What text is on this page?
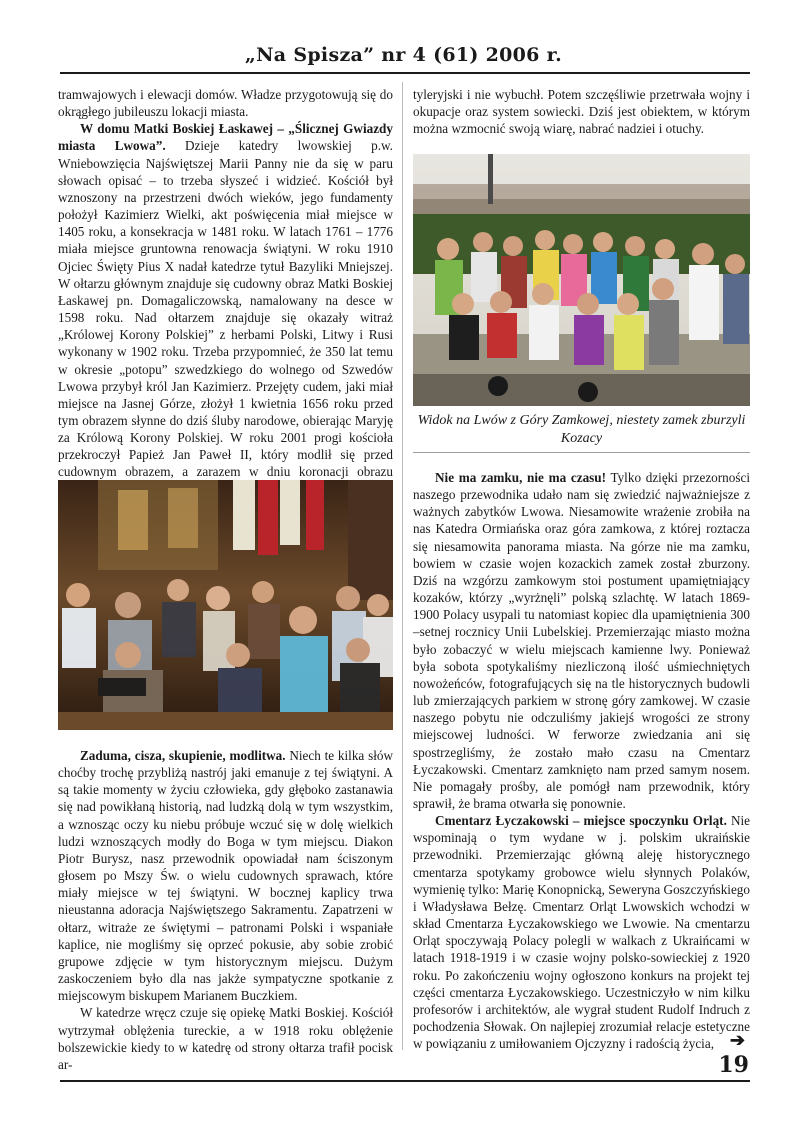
„Na Spisza” nr 4 (61) 2006 r.

tramwajowych i elewacji domów. Władze przygotowują się do okrągłego jubileuszu lokacji miasta.

W domu Matki Boskiej Łaskawej – „Ślicznej Gwiazdy miasta Lwowa”. Dzieje katedry lwowskiej p.w. Wniebowzięcia Najświętszej Marii Panny nie da się w paru słowach opisać – to trzeba słyszeć i widzieć. Kościół był wznoszony na przestrzeni dwóch wieków, jego fundamenty położył Kazimierz Wielki, akt poświęcenia miał miejsce w 1405 roku, a konsekracja w 1481 roku. W latach 1761 – 1776 miała miejsce gruntowna renowacja świątyni. W roku 1910 Ojciec Święty Pius X nadał katedrze tytuł Bazyliki Mniejszej. W ołtarzu głównym znajduje się cudowny obraz Matki Boskiej Łaskawej pn. Domagaliczowską, namalowany na desce w 1598 roku. Nad ołtarzem znajduje się okazały witraż „Królowej Korony Polskiej” z herbami Polski, Litwy i Rusi wykonany w 1902 roku. Trzeba przypomnieć, że 350 lat temu w okresie „potopu” szwedzkiego do wolnego od Szwedów Lwowa przybył król Jan Kazimierz. Przejęty cudem, jaki miał miejsce na Jasnej Górze, złożył 1 kwietnia 1656 roku przed tym obrazem słynne do dziś śluby narodowe, obierając Maryję za Królową Korony Polskiej. W roku 2001 progi kościoła przekroczył Papież Jan Paweł II, który modlił się przed cudownym obrazem, a zarazem w dniu koronacji obrazu

Zaduma, cisza, skupienie, modlitwa. Niech te kilka słów choćby trochę przybliżą nastrój jaki emanuje z tej świątyni. A są takie momenty w życiu człowieka, gdy głęboko zastanawia się nad powikłaną historią, nad ludzką dolą w tym wszystkim, a wznosząc oczy ku niebu próbuje wczuć się w dolę wielkich ludzi wznoszących modły do Boga w tym miejscu. Diakon Piotr Burysz, nasz przewodnik opowiadał nam ściszonym głosem po Mszy Św. o wielu cudownych sprawach, które miały miejsce w tej świątyni. W bocznej kaplicy trwa nieustanna adoracja Najświętszego Sakramentu. Zapatrzeni w ołtarz, witraże ze świętymi – patronami Polski i wspaniałe kaplice, nie mogliśmy się oprzeć pokusie, aby sobie zrobić grupowe zdjęcie w tym historycznym miejscu. Dużym zaskoczeniem było dla nas jakże sympatyczne spotkanie z miejscowym biskupem Marianem Buczkiem.

W katedrze wręcz czuje się opiekę Matki Boskiej. Kościół wytrzymał oblężenia tureckie, a w 1918 roku oblężenie bolszewickie kiedy to w katedrę od strony ołtarza trafił pocisk ar-

tyleryjski i nie wybuchł. Potem szczęśliwie przetrwała wojny i okupacje oraz system sowiecki. Dziś jest obiektem, w którym można wzmocnić swoją wiarę, nabrać nadziei i otuchy.

Widok na Lwów z Góry Zamkowej, niestety zamek zburzyli Kozacy

Nie ma zamku, nie ma czasu! Tylko dzięki przezorności naszego przewodnika udało nam się zwiedzić najważniejsze z ważnych zabytków Lwowa. Niesamowite wrażenie zrobiła na nas Katedra Ormiańska oraz góra zamkowa, z której roztacza się niesamowita panorama miasta. Na górze nie ma zamku, bowiem w czasie wojen kozackich zamek został zburzony. Dziś na wzgórzu zamkowym stoi postument upamiętniający kozaków, którzy „wyrżnęli” polską szlachtę. W latach 1869-1900 Polacy usypali tu natomiast kopiec dla upamiętnienia 300 –setnej rocznicy Unii Lubelskiej. Przemierzając miasto można było zobaczyć w wielu miejscach kamienne lwy. Ponieważ była sobota spotykaliśmy niezliczoną ilość uśmiechniętych nowożeńców, fotografujących się na tle historycznych budowli lub zmierzających parkiem w stronę góry zamkowej. W czasie naszego pobytu nie odczuliśmy jakiejś wrogości ze strony miejscowej ludności. W ferworze zwiedzania ani się spostrzegliśmy, że zostało mało czasu na Cmentarz Łyczakowski. Cmentarz zamknięto nam przed samym nosem. Nie pomagały prośby, ale pomógł nam przewodnik, który sprawił, że brama otwarła się ponownie.

Cmentarz Łyczakowski – miejsce spoczynku Orląt. Nie wspominają o tym wydane w j. polskim ukraińskie przewodniki. Przemierzając główną aleję historycznego cmentarza spotykamy grobowce wielu słynnych Polaków, wymienię tylko: Marię Konopnicką, Seweryna Goszczyńskiego i Władysława Bełzę. Cmentarz Orląt Lwowskich wchodzi w skład Cmentarza Łyczakowskiego we Lwowie. Na cmentarzu Orląt spoczywają Polacy polegli w walkach z Ukraińcami w latach 1918-1919 i w czasie wojny polsko-sowieckiej z 1920 roku. Po zakończeniu wojny ogłoszono konkurs na projekt tej części cmentarza Łyczakowskiego. Uczestniczyło w nim kilku profesorów i architektów, ale wygrał student Rudolf Indruch z pochodzenia Słowak. On najlepiej zrozumiał relacje estetyczne w powiązaniu z umiłowaniem Ojczyzny i radością życia, ➔
19
